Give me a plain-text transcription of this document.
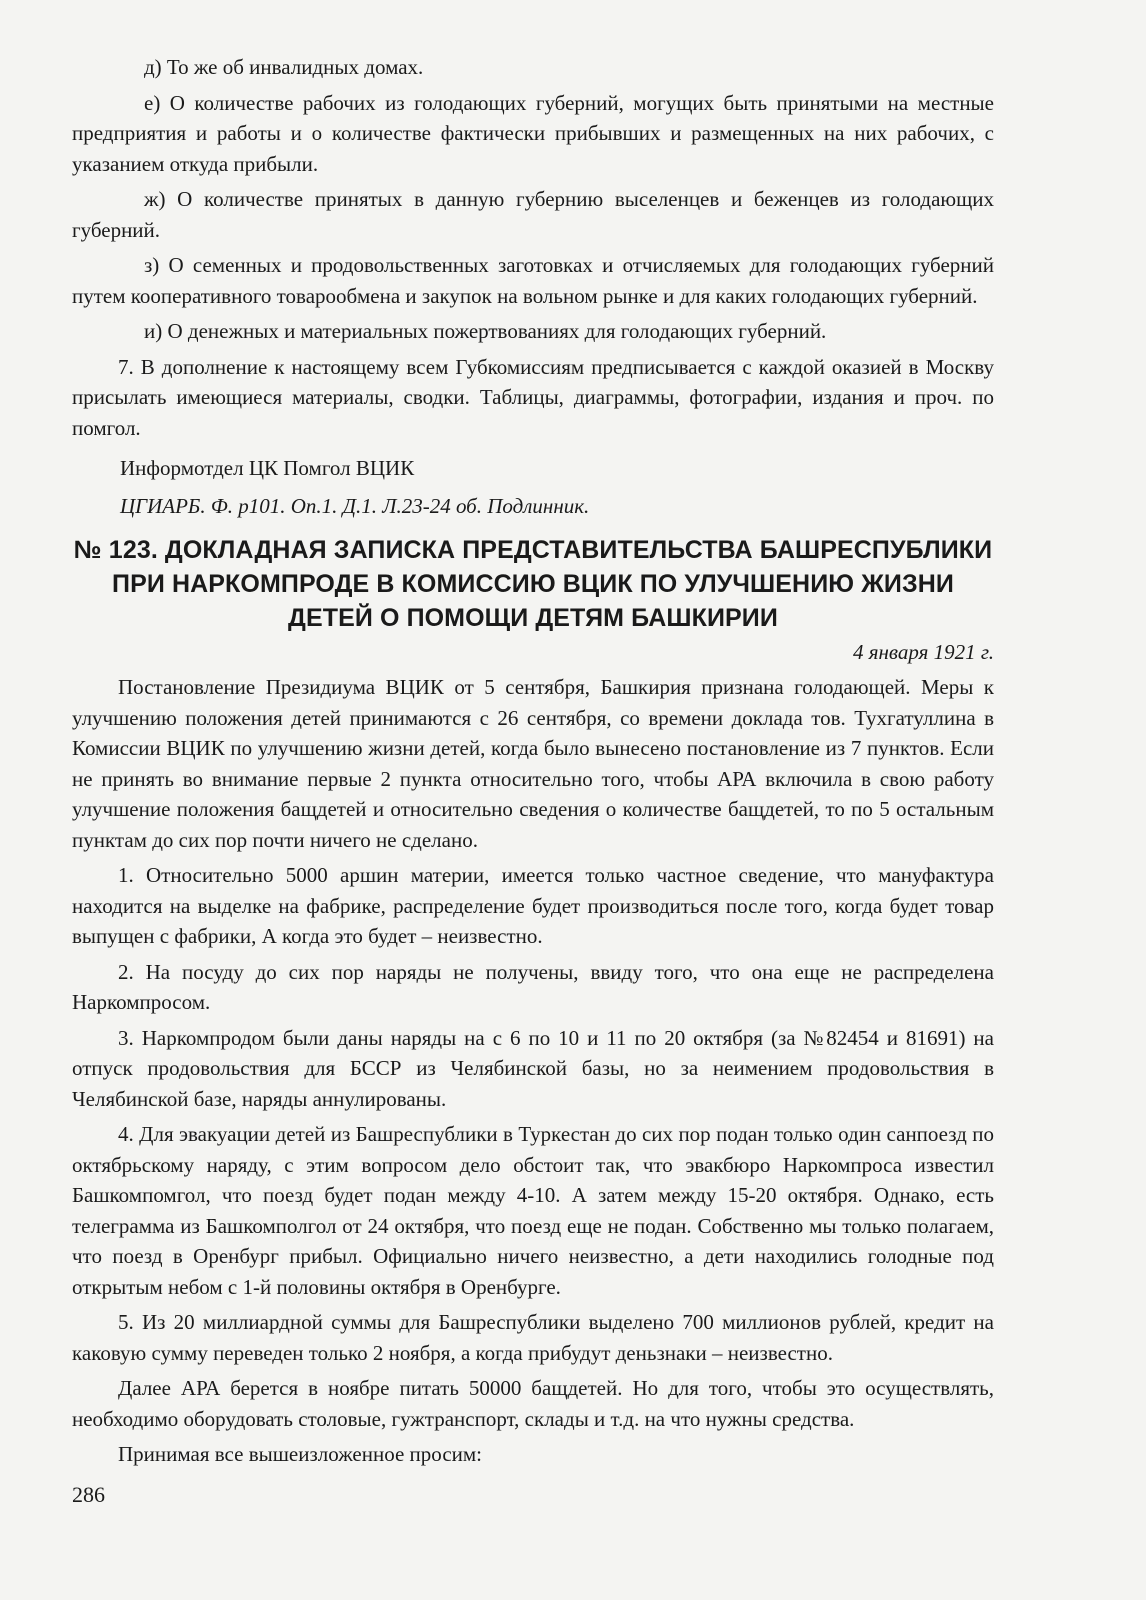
д) То же об инвалидных домах.

е) О количестве рабочих из голодающих губерний, могущих быть принятыми на местные предприятия и работы и о количестве фактически прибывших и размещенных на них рабочих, с указанием откуда прибыли.

ж) О количестве принятых в данную губернию выселенцев и беженцев из голодающих губерний.

з) О семенных и продовольственных заготовках и отчисляемых для голодающих губерний путем кооперативного товарообмена и закупок на вольном рынке и для каких голодающих губерний.

и) О денежных и материальных пожертвованиях для голодающих губерний.

7. В дополнение к настоящему всем Губкомиссиям предписывается с каждой оказией в Москву присылать имеющиеся материалы, сводки. Таблицы, диаграммы, фотографии, издания и проч. по помгол.

Информотдел ЦК Помгол ВЦИК
ЦГИАРБ. Ф. р101. Оп.1. Д.1. Л.23-24 об. Подлинник.
№ 123. ДОКЛАДНАЯ ЗАПИСКА ПРЕДСТАВИТЕЛЬСТВА БАШРЕСПУБЛИКИ ПРИ НАРКОМПРОДЕ В КОМИССИЮ ВЦИК ПО УЛУЧШЕНИЮ ЖИЗНИ ДЕТЕЙ О ПОМОЩИ ДЕТЯМ БАШКИРИИ
4 января 1921 г.

Постановление Президиума ВЦИК от 5 сентября, Башкирия признана голодающей. Меры к улучшению положения детей принимаются с 26 сентября, со времени доклада тов. Тухгатуллина в Комиссии ВЦИК по улучшению жизни детей, когда было вынесено постановление из 7 пунктов. Если не принять во внимание первые 2 пункта относительно того, чтобы АРА включила в свою работу улучшение положения бащдетей и относительно сведения о количестве бащдетей, то по 5 остальным пунктам до сих пор почти ничего не сделано.

1. Относительно 5000 аршин материи, имеется только частное сведение, что мануфактура находится на выделке на фабрике, распределение будет производиться после того, когда будет товар выпущен с фабрики, А когда это будет – неизвестно.

2. На посуду до сих пор наряды не получены, ввиду того, что она еще не распределена Наркомпросом.

3. Наркомпродом были даны наряды на с 6 по 10 и 11 по 20 октября (за №82454 и 81691) на отпуск продовольствия для БССР из Челябинской базы, но за неимением продовольствия в Челябинской базе, наряды аннулированы.

4. Для эвакуации детей из Башреспублики в Туркестан до сих пор подан только один санпоезд по октябрьскому наряду, с этим вопросом дело обстоит так, что эвакбюро Наркомпроса известил Башкомпомгол, что поезд будет подан между 4-10. А затем между 15-20 октября. Однако, есть телеграмма из Башкомполгол от 24 октября, что поезд еще не подан. Собственно мы только полагаем, что поезд в Оренбург прибыл. Официально ничего неизвестно, а дети находились голодные под открытым небом с 1-й половины октября в Оренбурге.

5. Из 20 миллиардной суммы для Башреспублики выделено 700 миллионов рублей, кредит на каковую сумму переведен только 2 ноября, а когда прибудут деньзнаки – неизвестно.

Далее АРА берется в ноябре питать 50000 бащдетей. Но для того, чтобы это осуществлять, необходимо оборудовать столовые, гужтранспорт, склады и т.д. на что нужны средства.

Принимая все вышеизложенное просим:

286
